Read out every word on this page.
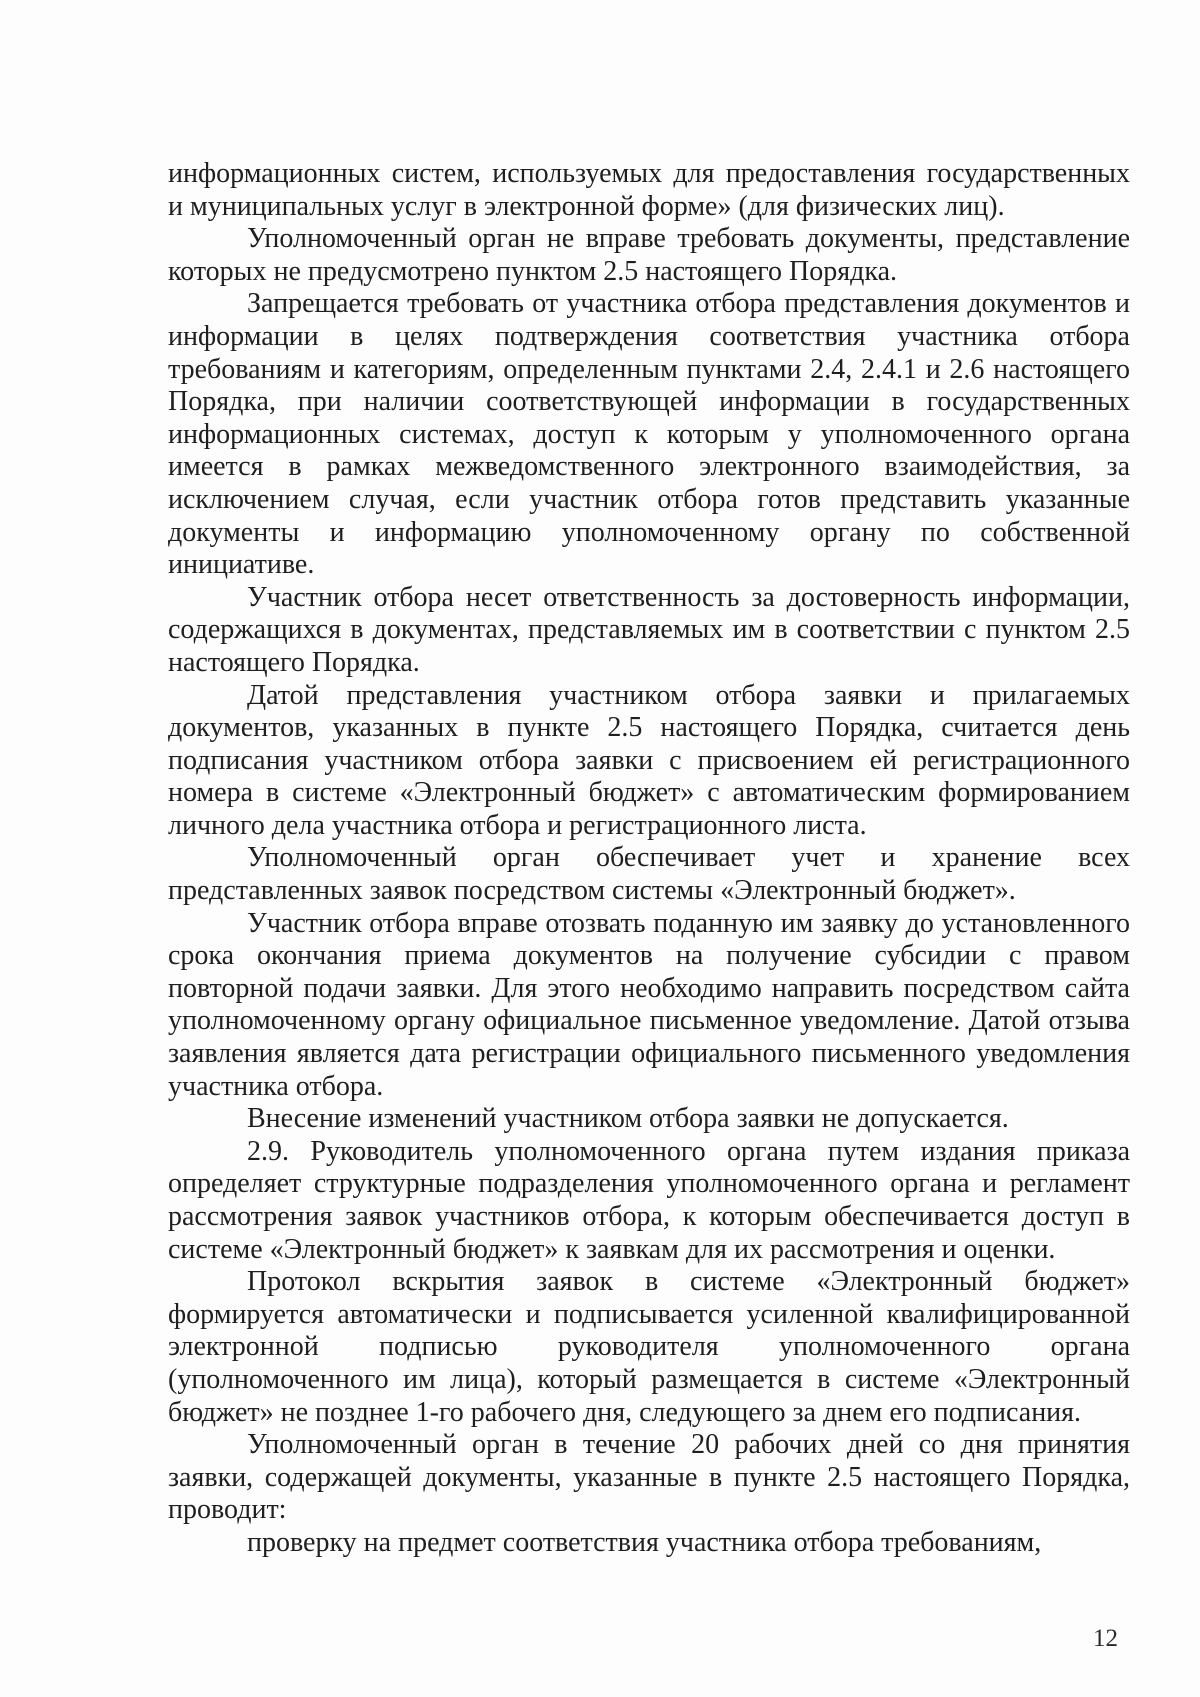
информационных систем, используемых для предоставления государственных и муниципальных услуг в электронной форме» (для физических лиц).

Уполномоченный орган не вправе требовать документы, представление которых не предусмотрено пунктом 2.5 настоящего Порядка.

Запрещается требовать от участника отбора представления документов и информации в целях подтверждения соответствия участника отбора требованиям и категориям, определенным пунктами 2.4, 2.4.1 и 2.6 настоящего Порядка, при наличии соответствующей информации в государственных информационных системах, доступ к которым у уполномоченного органа имеется в рамках межведомственного электронного взаимодействия, за исключением случая, если участник отбора готов представить указанные документы и информацию уполномоченному органу по собственной инициативе.

Участник отбора несет ответственность за достоверность информации, содержащихся в документах, представляемых им в соответствии с пунктом 2.5 настоящего Порядка.

Датой представления участником отбора заявки и прилагаемых документов, указанных в пункте 2.5 настоящего Порядка, считается день подписания участником отбора заявки с присвоением ей регистрационного номера в системе «Электронный бюджет» с автоматическим формированием личного дела участника отбора и регистрационного листа.

Уполномоченный орган обеспечивает учет и хранение всех представленных заявок посредством системы «Электронный бюджет».

Участник отбора вправе отозвать поданную им заявку до установленного срока окончания приема документов на получение субсидии с правом повторной подачи заявки. Для этого необходимо направить посредством сайта уполномоченному органу официальное письменное уведомление. Датой отзыва заявления является дата регистрации официального письменного уведомления участника отбора.

Внесение изменений участником отбора заявки не допускается.

2.9. Руководитель уполномоченного органа путем издания приказа определяет структурные подразделения уполномоченного органа и регламент рассмотрения заявок участников отбора, к которым обеспечивается доступ в системе «Электронный бюджет» к заявкам для их рассмотрения и оценки.

Протокол вскрытия заявок в системе «Электронный бюджет» формируется автоматически и подписывается усиленной квалифицированной электронной подписью руководителя уполномоченного органа (уполномоченного им лица), который размещается в системе «Электронный бюджет» не позднее 1-го рабочего дня, следующего за днем его подписания.

Уполномоченный орган в течение 20 рабочих дней со дня принятия заявки, содержащей документы, указанные в пункте 2.5 настоящего Порядка, проводит:

проверку на предмет соответствия участника отбора требованиям,

12
